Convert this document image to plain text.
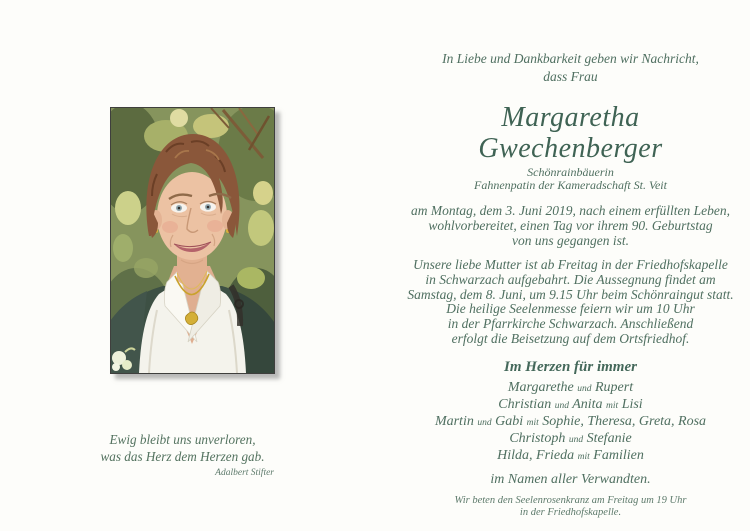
Ewig bleibt uns unverloren,
was das Herz dem Herzen gab.
Adalbert Stifter
In Liebe und Dankbarkeit geben wir Nachricht,
dass Frau
Margaretha
Gwechenberger
Schönrainbäuerin
Fahnenpatin der Kameradschaft St. Veit
am Montag, dem 3. Juni 2019, nach einem erfüllten Leben,
wohlvorbereitet, einen Tag vor ihrem 90. Geburtstag
von uns gegangen ist.
Unsere liebe Mutter ist ab Freitag in der Friedhofskapelle
in Schwarzach aufgebahrt. Die Aussegnung findet am
Samstag, dem 8. Juni, um 9.15 Uhr beim Schönraingut statt.
Die heilige Seelenmesse feiern wir um 10 Uhr
in der Pfarrkirche Schwarzach. Anschließend
erfolgt die Beisetzung auf dem Ortsfriedhof.
Im Herzen für immer
Margarethe und Rupert
Christian und Anita mit Lisi
Martin und Gabi mit Sophie, Theresa, Greta, Rosa
Christoph und Stefanie
Hilda, Frieda mit Familien
im Namen aller Verwandten.
Wir beten den Seelenrosenkranz am Freitag um 19 Uhr
in der Friedhofskapelle.
